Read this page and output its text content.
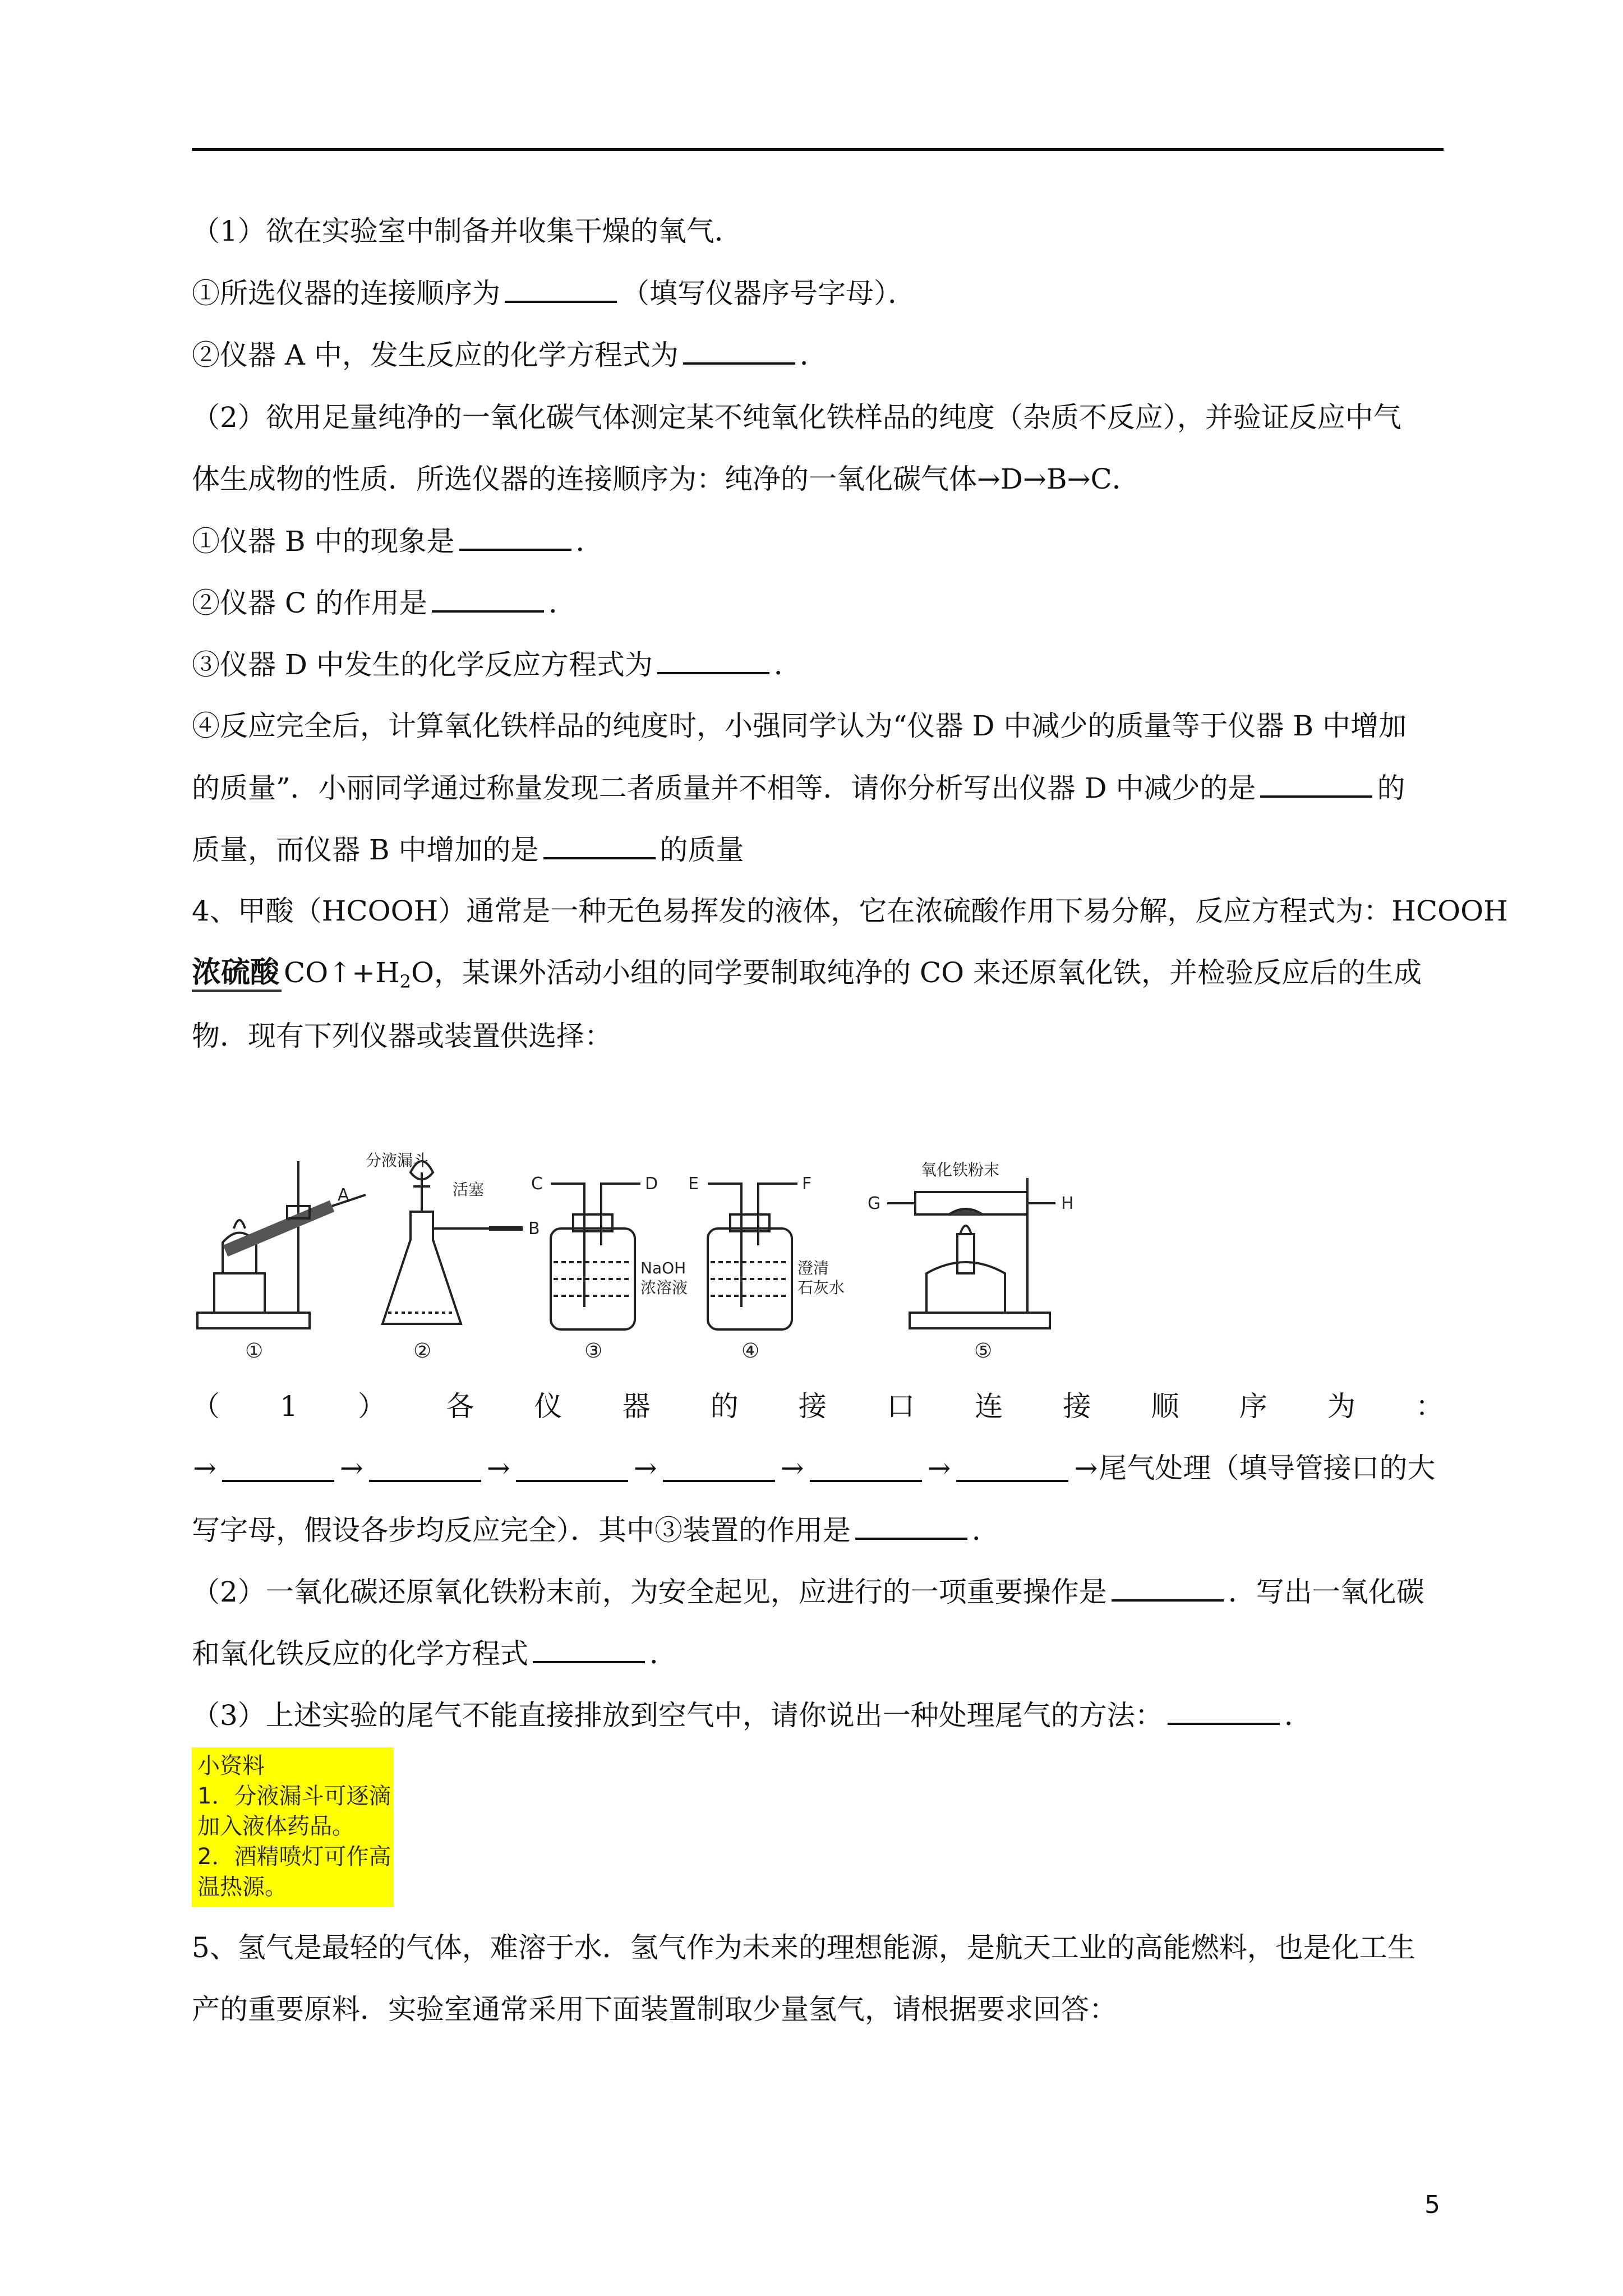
（1）欲在实验室中制备并收集干燥的氧气．
①所选仪器的连接顺序为	（填写仪器序号字母）．
②仪器 A 中，发生反应的化学方程式为	．
（2）欲用足量纯净的一氧化碳气体测定某不纯氧化铁样品的纯度（杂质不反应），并验证反应中气
体生成物的性质．所选仪器的连接顺序为：纯净的一氧化碳气体→D→B→C．
①仪器 B 中的现象是	．
②仪器 C 的作用是	．
③仪器 D 中发生的化学反应方程式为	．
④反应完全后，计算氧化铁样品的纯度时，小强同学认为“仪器 D 中减少的质量等于仪器 B 中增加
的质量”．小丽同学通过称量发现二者质量并不相等．请你分析写出仪器 D 中减少的是	的
质量，而仪器 B 中增加的是	的质量
4、甲酸（HCOOH）通常是一种无色易挥发的液体，它在浓硫酸作用下易分解，反应方程式为：HCOOH
浓硫酸 $CO↑+H_2O$，某课外活动小组的同学要制取纯净的 CO 来还原氧化铁，并检验反应后的生成
物．现有下列仪器或装置供选择：
A
B
C	D E	F
G	H
分液漏斗
活塞
氧化铁粉末
NaOH
浓溶液
澄清
石灰水
①	②	③	④	⑤
（ 1 ） 各 仪 器 的 接 口 连 接 顺 序 为 ：
→	→	→	→	→	→	→ 尾气处理（填导管接口的大
写字母，假设各步均反应完全）．其中③装置的作用是	．
（2）一氧化碳还原氧化铁粉末前，为安全起见，应进行的一项重要操作是	．写出一氧化碳
和氧化铁反应的化学方程式	．
（3）上述实验的尾气不能直接排放到空气中，请你说出一种处理尾气的方法：	．
小资料
1．分液漏斗可逐滴
加入液体药品。
2．酒精喷灯可作高
温热源。
5、氢气是最轻的气体，难溶于水．氢气作为未来的理想能源，是航天工业的高能燃料，也是化工生
产的重要原料．实验室通常采用下面装置制取少量氢气，请根据要求回答：
5
